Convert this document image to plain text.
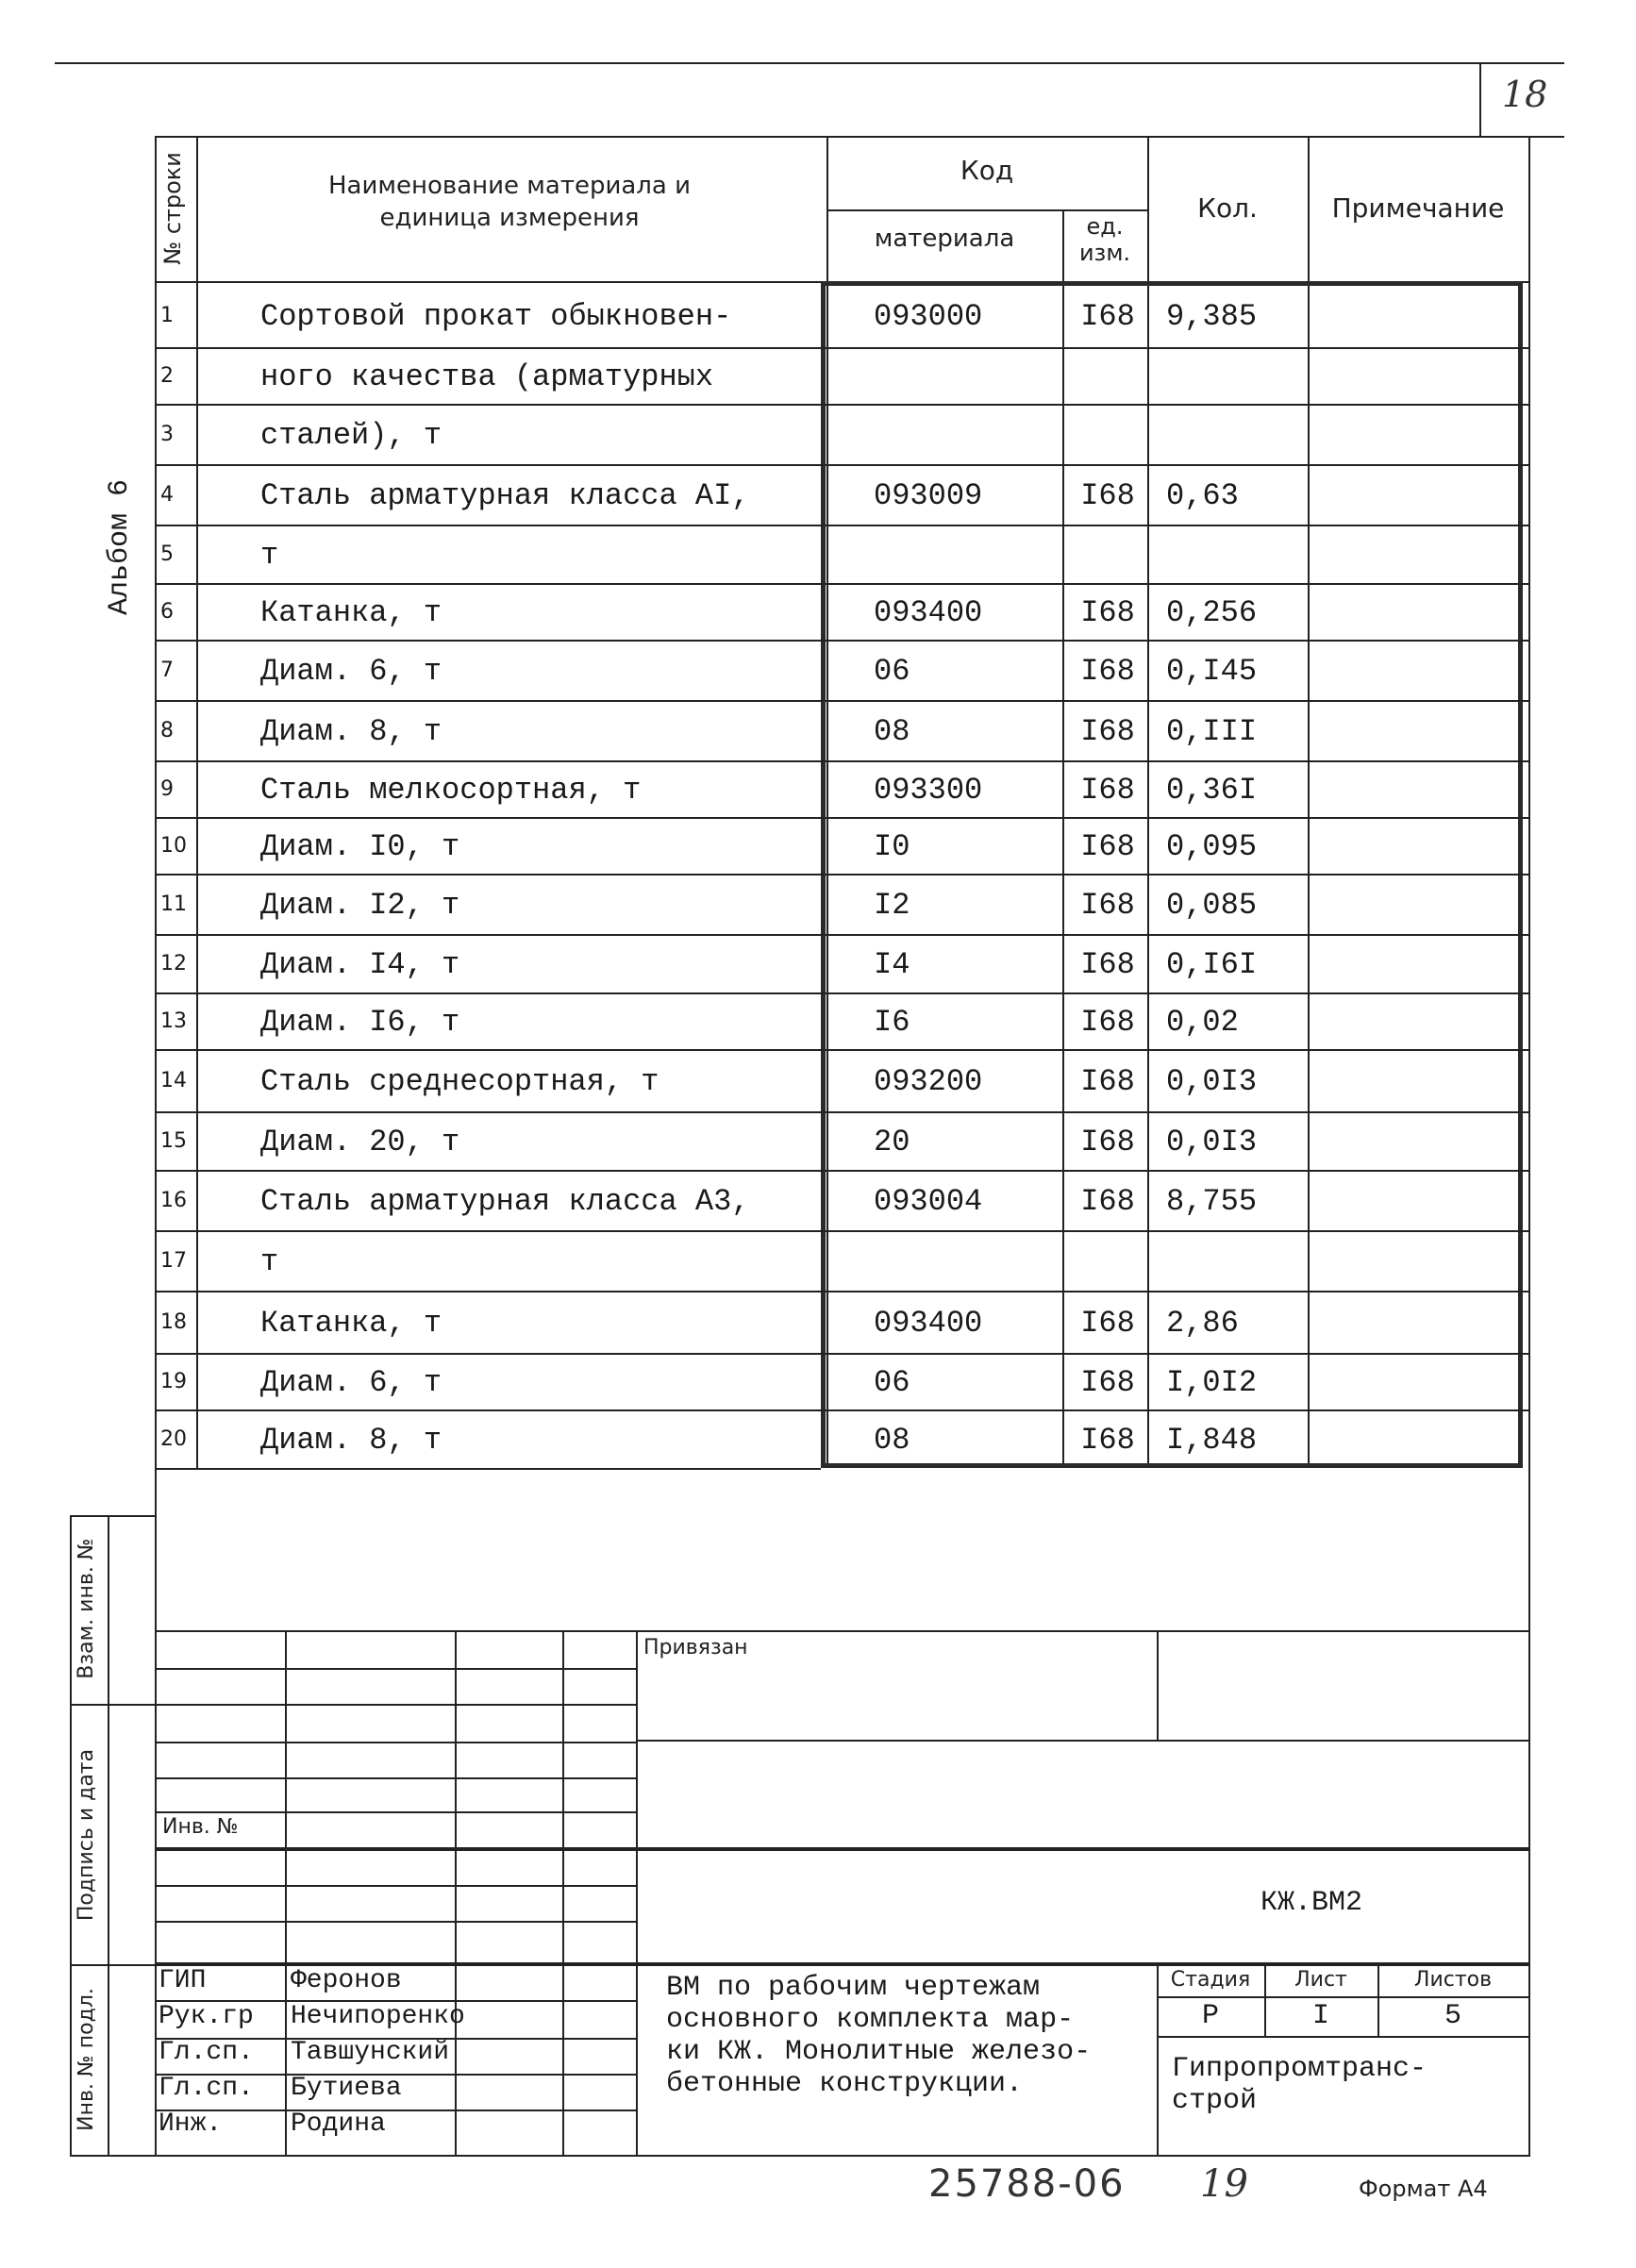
18
Альбом 6
№ строки	Наименование материала и единица измерения
Код
материала	ед.
изм.
Кол.	Примечание
1	Сортовой прокат обыкновен-	093000	I68 9,385
2	ного качества (арматурных
3	сталей), т
4	Сталь арматурная класса АI,	093009	I68 0,63
5	т
6	Катанка, т	093400	I68 0,256
7	Диам. 6, т	06	I68 0,I45
8	Диам. 8, т	08	I68 0,III
9	Сталь мелкосортная, т	093300	I68 0,36I
10 Диам. I0, т	I0	I68 0,095
11 Диам. I2, т	I2	I68 0,085
12 Диам. I4, т	I4	I68 0,I6I
13 Диам. I6, т	I6	I68 0,02
14 Сталь среднесортная, т	093200	I68 0,0I3
15 Диам. 20, т	20	I68 0,0I3
16 Сталь арматурная класса А3,	093004	I68 8,755
17 т
18 Катанка, т	093400	I68 2,86
19 Диам. 6, т	06	I68 I,0I2
20 Диам. 8, т	08	I68 I,848
Взам. инв. №
Подпись и дата
Инв. № подл.
Привязан
Инв. №
КЖ.ВМ2
ГИП	Феронов
Рук.гр Нечипоренко
Гл.сп. Тавшунский
Гл.сп. Бутиева
Инж.	Родина
ВМ по рабочим чертежам
основного комплекта мар-
ки КЖ. Монолитные железо-
бетонные конструкции.
Стадия	Лист	Листов
Р	I	5
Гипропромтранс-
строй
25788-06 19	Формат А4
